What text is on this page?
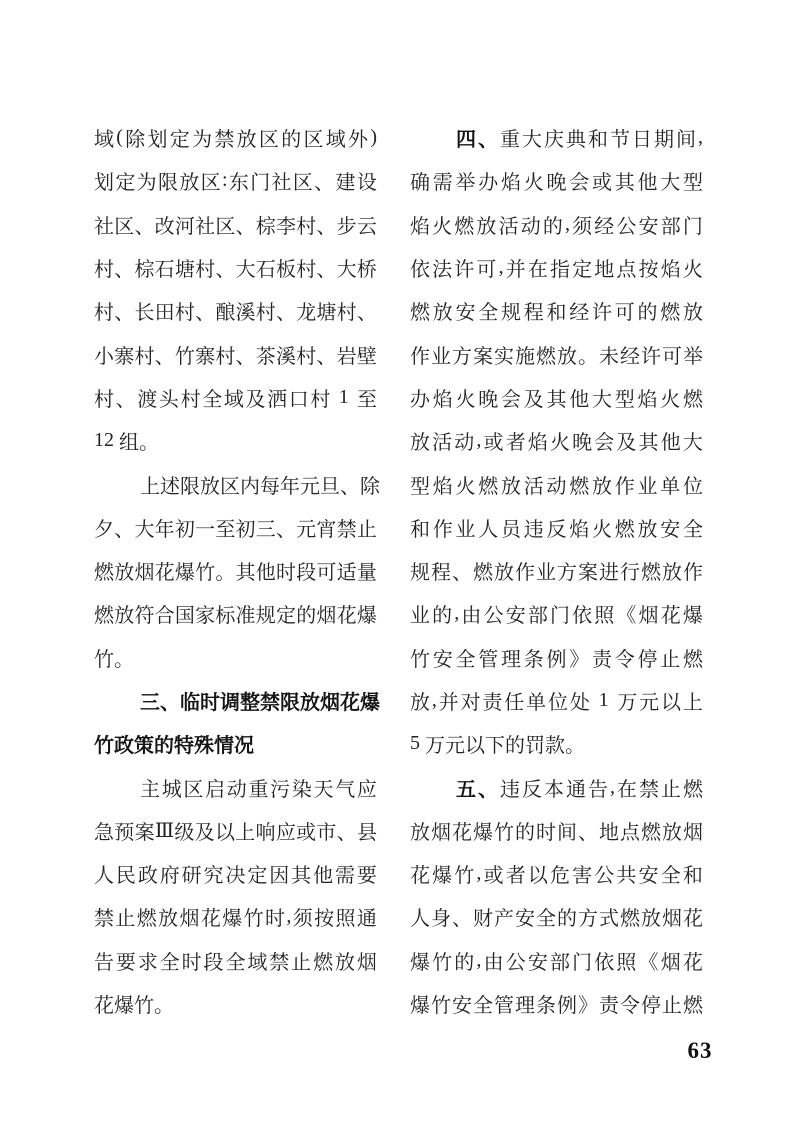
域 ( 除 划 定 为 禁 放 区 的 区 域 外 )
划 定 为 限 放 区 : 东 门 社 区 、 建 设
社 区 、 改 河 社 区 、 棕 李 村 、 步 云
村 、 棕 石 塘 村 、 大 石 板 村 、 大 桥
村 、 长 田 村 、 酿 溪 村 、 龙 塘 村 、
小 寨 村 、 竹 寨 村 、 茶 溪 村 、 岩 壁
村 、 渡 头 村 全 域 及 洒 口 村
1
至
1 2
组 。
上 述 限 放 区 内 每 年 元 旦 、 除
夕 、 大 年 初 一 至 初 三 、 元 宵 禁 止
燃 放 烟 花 爆 竹 。 其 他 时 段 可 适 量
燃 放 符 合 国 家 标 准 规 定 的 烟 花 爆
竹 。
三 、 临 时 调 整 禁 限 放 烟 花 爆
竹 政 策 的 特 殊 情 况
主 城 区 启 动 重 污 染 天 气 应
急 预 案 Ⅲ 级 及 以 上 响 应 或 市 、 县
人 民 政 府 研 究 决 定 因 其 他 需 要
禁 止 燃 放 烟 花 爆 竹 时 , 须 按 照 通
告 要 求 全 时 段 全 域 禁 止 燃 放 烟
花 爆 竹 。
四 、 重 大 庆 典 和 节 日 期 间 ,
确 需 举 办 焰 火 晚 会 或 其 他 大 型
焰 火 燃 放 活 动 的 , 须 经 公 安 部 门
依 法 许 可 , 并 在 指 定 地 点 按 焰 火
燃 放 安 全 规 程 和 经 许 可 的 燃 放
作 业 方 案 实 施 燃 放 。 未 经 许 可 举
办 焰 火 晚 会 及 其 他 大 型 焰 火 燃
放 活 动 , 或 者 焰 火 晚 会 及 其 他 大
型 焰 火 燃 放 活 动 燃 放 作 业 单 位
和 作 业 人 员 违 反 焰 火 燃 放 安 全
规 程 、 燃 放 作 业 方 案 进 行 燃 放 作
业 的 , 由 公 安 部 门 依 照 《 烟 花 爆
竹 安 全 管 理 条 例 》 责 令 停 止 燃
放 , 并 对 责 任 单 位 处
1
万 元 以 上
5
万 元 以 下 的 罚 款 。
五 、 违 反 本 通 告 , 在 禁 止 燃
放 烟 花 爆 竹 的 时 间 、 地 点 燃 放 烟
花 爆 竹 , 或 者 以 危 害 公 共 安 全 和
人 身 、 财 产 安 全 的 方 式 燃 放 烟 花
爆 竹 的 , 由 公 安 部 门 依 照 《 烟 花
爆 竹 安 全 管 理 条 例 》 责 令 停 止 燃
63
